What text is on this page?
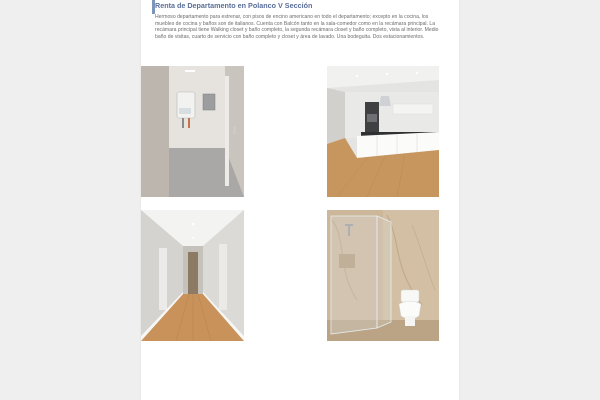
Renta de Departamento en Polanco V Sección
Hermoso departamento para estrenar, con pisos de encino americano en todo el departamento; excepto en la cocina, los muebles de cocina y baños son de italianos. Cuenta con Balcón tanto en la sala-comedor como en la recámara principal. La recámara principal tiene Walking closet y baño completo, la segunda recámara closet y baño completo, vista al interior. Medio baño de visitas, cuarto de servicio con baño completo y closet y área de lavado. Una bodeguita. Dos estacionamientos.
